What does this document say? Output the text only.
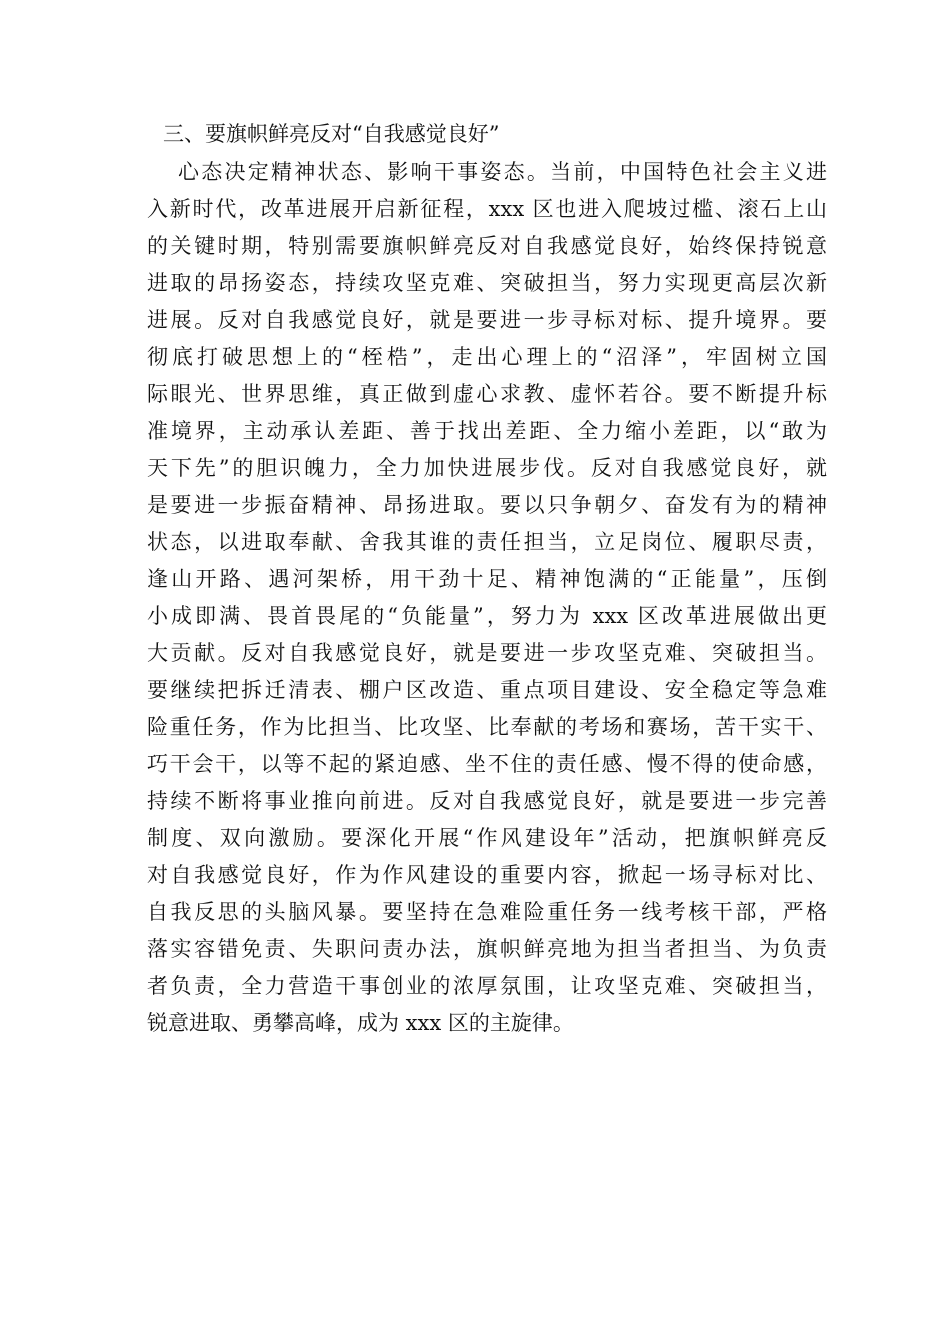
三、要旗帜鲜亮反对“自我感觉良好”
心态决定精神状态、影响干事姿态。当前，中国特色社会主义进
入新时代，改革进展开启新征程，xxx 区也进入爬坡过槛、滚石上山
的关键时期，特别需要旗帜鲜亮反对自我感觉良好，始终保持锐意
进取的昂扬姿态，持续攻坚克难、突破担当，努力实现更高层次新
进展。反对自我感觉良好，就是要进一步寻标对标、提升境界。要
彻底打破思想上的“桎梏”，走出心理上的“沼泽”，牢固树立国
际眼光、世界思维，真正做到虚心求教、虚怀若谷。要不断提升标
准境界，主动承认差距、善于找出差距、全力缩小差距，以“敢为
天下先”的胆识魄力，全力加快进展步伐。反对自我感觉良好，就
是要进一步振奋精神、昂扬进取。要以只争朝夕、奋发有为的精神
状态，以进取奉献、舍我其谁的责任担当，立足岗位、履职尽责，
逢山开路、遇河架桥，用干劲十足、精神饱满的“正能量”，压倒
小成即满、畏首畏尾的“负能量”，努力为 xxx 区改革进展做出更
大贡献。反对自我感觉良好，就是要进一步攻坚克难、突破担当。
要继续把拆迁清表、棚户区改造、重点项目建设、安全稳定等急难
险重任务，作为比担当、比攻坚、比奉献的考场和赛场，苦干实干、
巧干会干，以等不起的紧迫感、坐不住的责任感、慢不得的使命感，
持续不断将事业推向前进。反对自我感觉良好，就是要进一步完善
制度、双向激励。要深化开展“作风建设年”活动，把旗帜鲜亮反
对自我感觉良好，作为作风建设的重要内容，掀起一场寻标对比、
自我反思的头脑风暴。要坚持在急难险重任务一线考核干部，严格
落实容错免责、失职问责办法，旗帜鲜亮地为担当者担当、为负责
者负责，全力营造干事创业的浓厚氛围，让攻坚克难、突破担当，
锐意进取、勇攀高峰，成为 xxx 区的主旋律。
